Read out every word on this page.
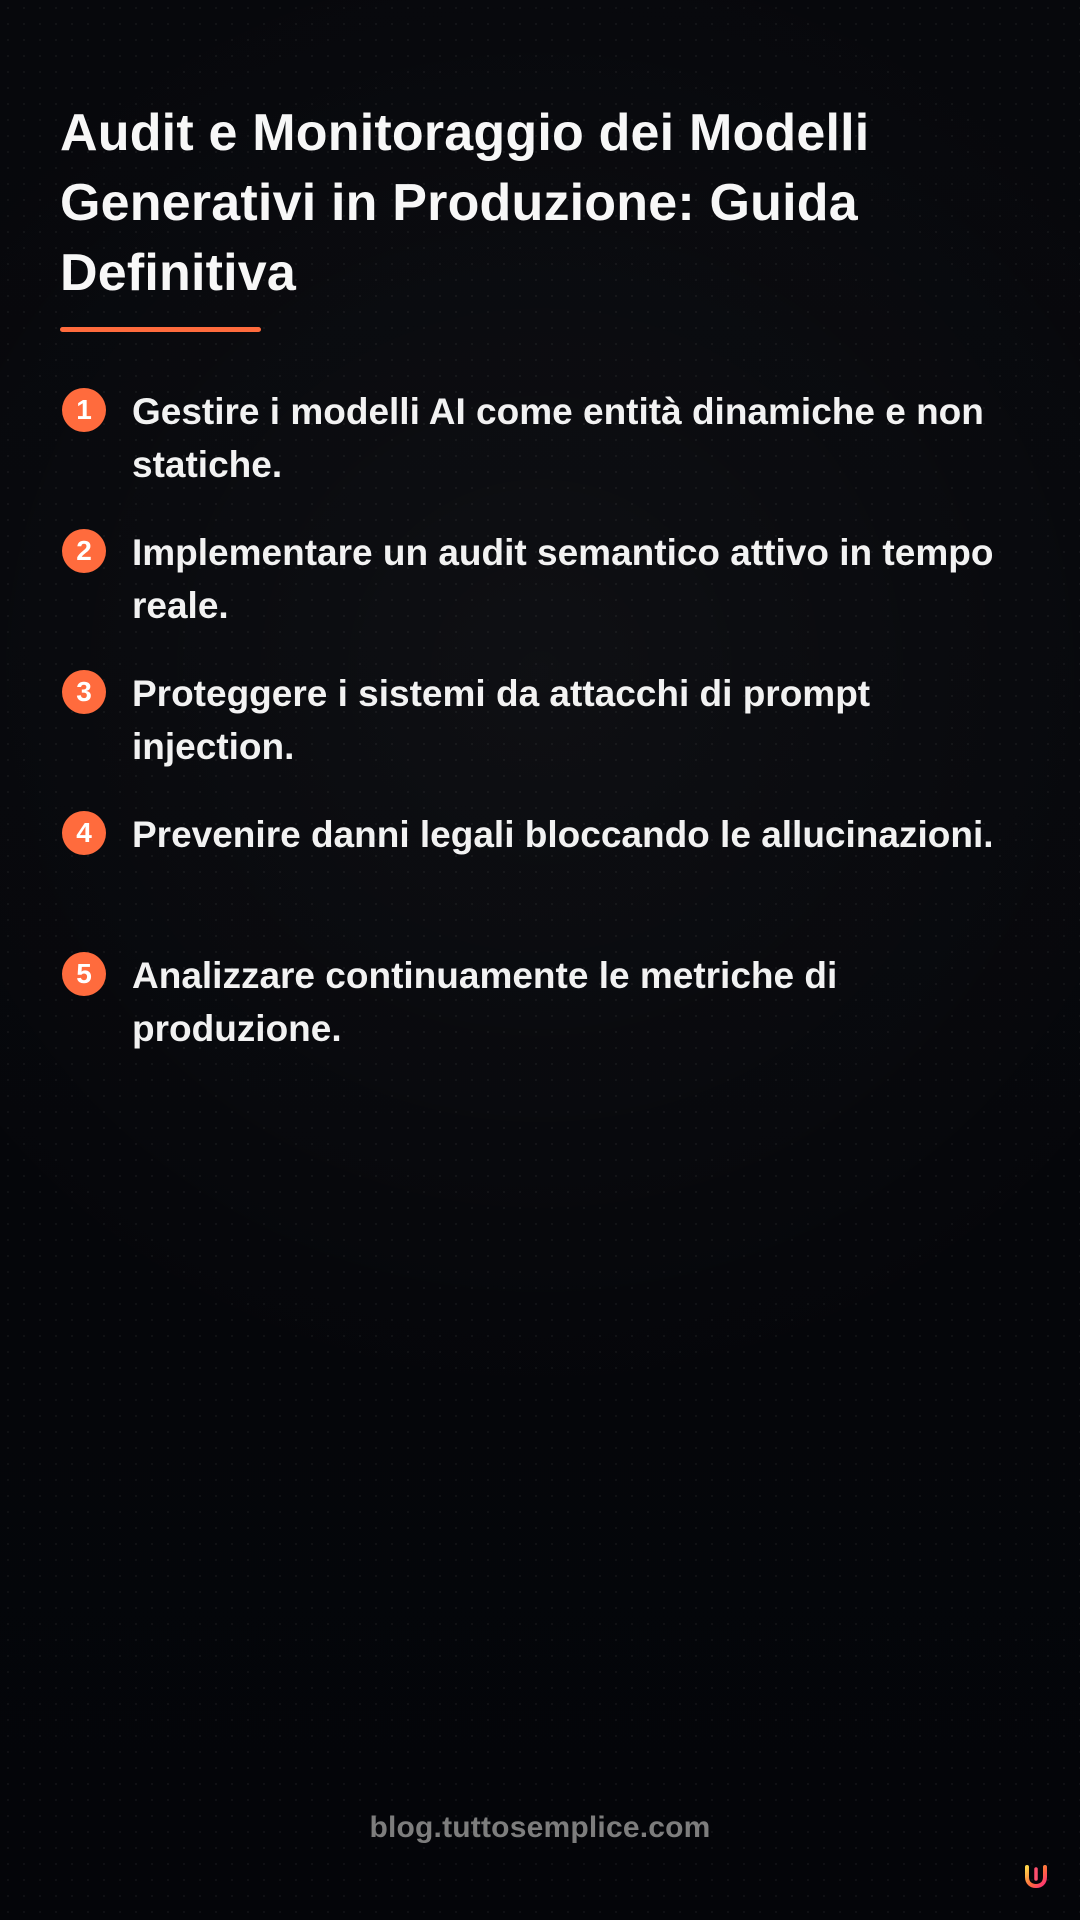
Audit e Monitoraggio dei Modelli Generativi in Produzione: Guida Definitiva
1	Gestire i modelli AI come entità dinamiche e non statiche.
2	Implementare un audit semantico attivo in tempo reale.
3	Proteggere i sistemi da attacchi di prompt injection.
4	Prevenire danni legali bloccando le allucinazioni.
5	Analizzare continuamente le metriche di produzione.
blog.tuttosemplice.com
